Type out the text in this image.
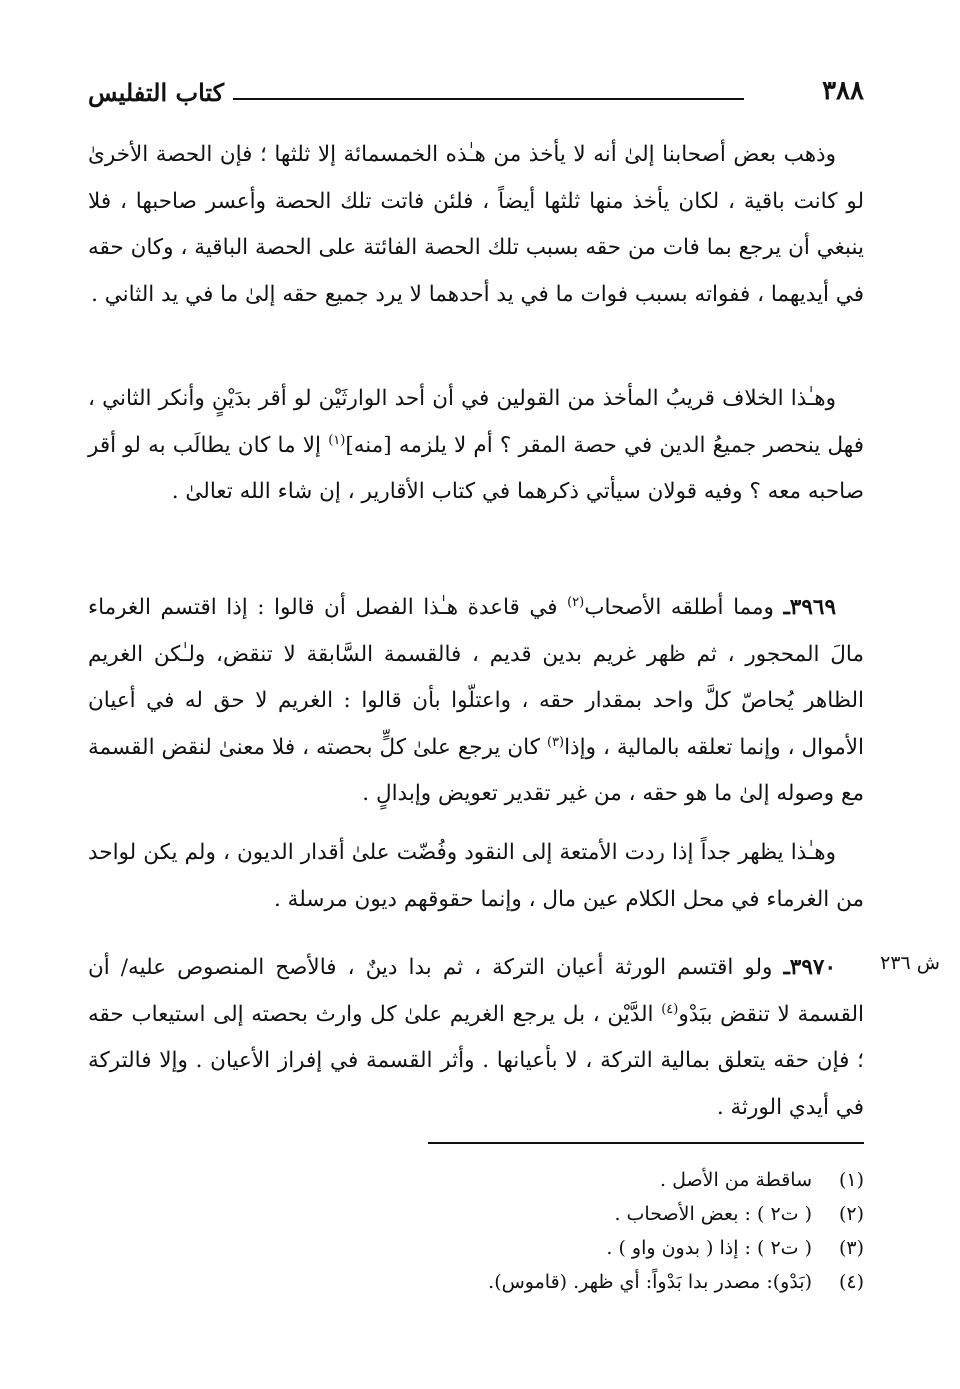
٣٨٨
كتاب التفليس
وذهب بعض أصحابنا إلىٰ أنه لا يأخذ من هـٰذه الخمسمائة إلا ثلثها ؛ فإن الحصة الأخرىٰ لو كانت باقية ، لكان يأخذ منها ثلثها أيضاً ، فلئن فاتت تلك الحصة وأعسر صاحبها ، فلا ينبغي أن يرجع بما فات من حقه بسبب تلك الحصة الفائتة على الحصة الباقية ، وكان حقه في أيديهما ، ففواته بسبب فوات ما في يد أحدهما لا يرد جميع حقه إلىٰ ما في يد الثاني .
وهـٰذا الخلاف قريبُ المأخذ من القولين في أن أحد الوارثَيْن لو أقر بدَيْنٍ وأنكر الثاني ، فهل ينحصر جميعُ الدين في حصة المقر ؟ أم لا يلزمه [منه]$^{(١)}$ إلا ما كان يطالَب به لو أقر صاحبه معه ؟ وفيه قولان سيأتي ذكرهما في كتاب الأقارير ، إن شاء الله تعالىٰ .
٣٩٦٩ـ ومما أطلقه الأصحاب$^{(٢)}$ في قاعدة هـٰذا الفصل أن قالوا : إذا اقتسم الغرماء مالَ المحجور ، ثم ظهر غريم بدين قديم ، فالقسمة السَّابقة لا تنقض، ولـٰكن الغريم الظاهر يُحاصّ كلَّ واحد بمقدار حقه ، واعتلّوا بأن قالوا : الغريم لا حق له في أعيان الأموال ، وإنما تعلقه بالمالية ، وإذا$^{(٣)}$ كان يرجع علىٰ كلٍّ بحصته ، فلا معنىٰ لنقض القسمة مع وصوله إلىٰ ما هو حقه ، من غير تقدير تعويض وإبدالٍ .
وهـٰذا يظهر جداً إذا ردت الأمتعة إلى النقود وفُضّت علىٰ أقدار الديون ، ولم يكن لواحد من الغرماء في محل الكلام عين مال ، وإنما حقوقهم ديون مرسلة .
٣٩٧٠ـ ولو اقتسم الورثة أعيان التركة ، ثم بدا دينٌ ، فالأصح المنصوص عليه/ أن القسمة لا تنقض ببَدْو$^{(٤)}$ الدَّيْن ، بل يرجع الغريم علىٰ كل وارث بحصته إلى استيعاب حقه ؛ فإن حقه يتعلق بمالية التركة ، لا بأعيانها . وأثر القسمة في إفراز الأعيان . وإلا فالتركة في أيدي الورثة .
ش ٢٣٦
(١)
ساقطة من الأصل .
(٢)
( ت٢ ) : بعض الأصحاب .
(٣)
( ت٢ ) : إذا ( بدون واو ) .
(٤)
(بَدْو): مصدر بدا بَدْواً: أي ظهر. (قاموس).
